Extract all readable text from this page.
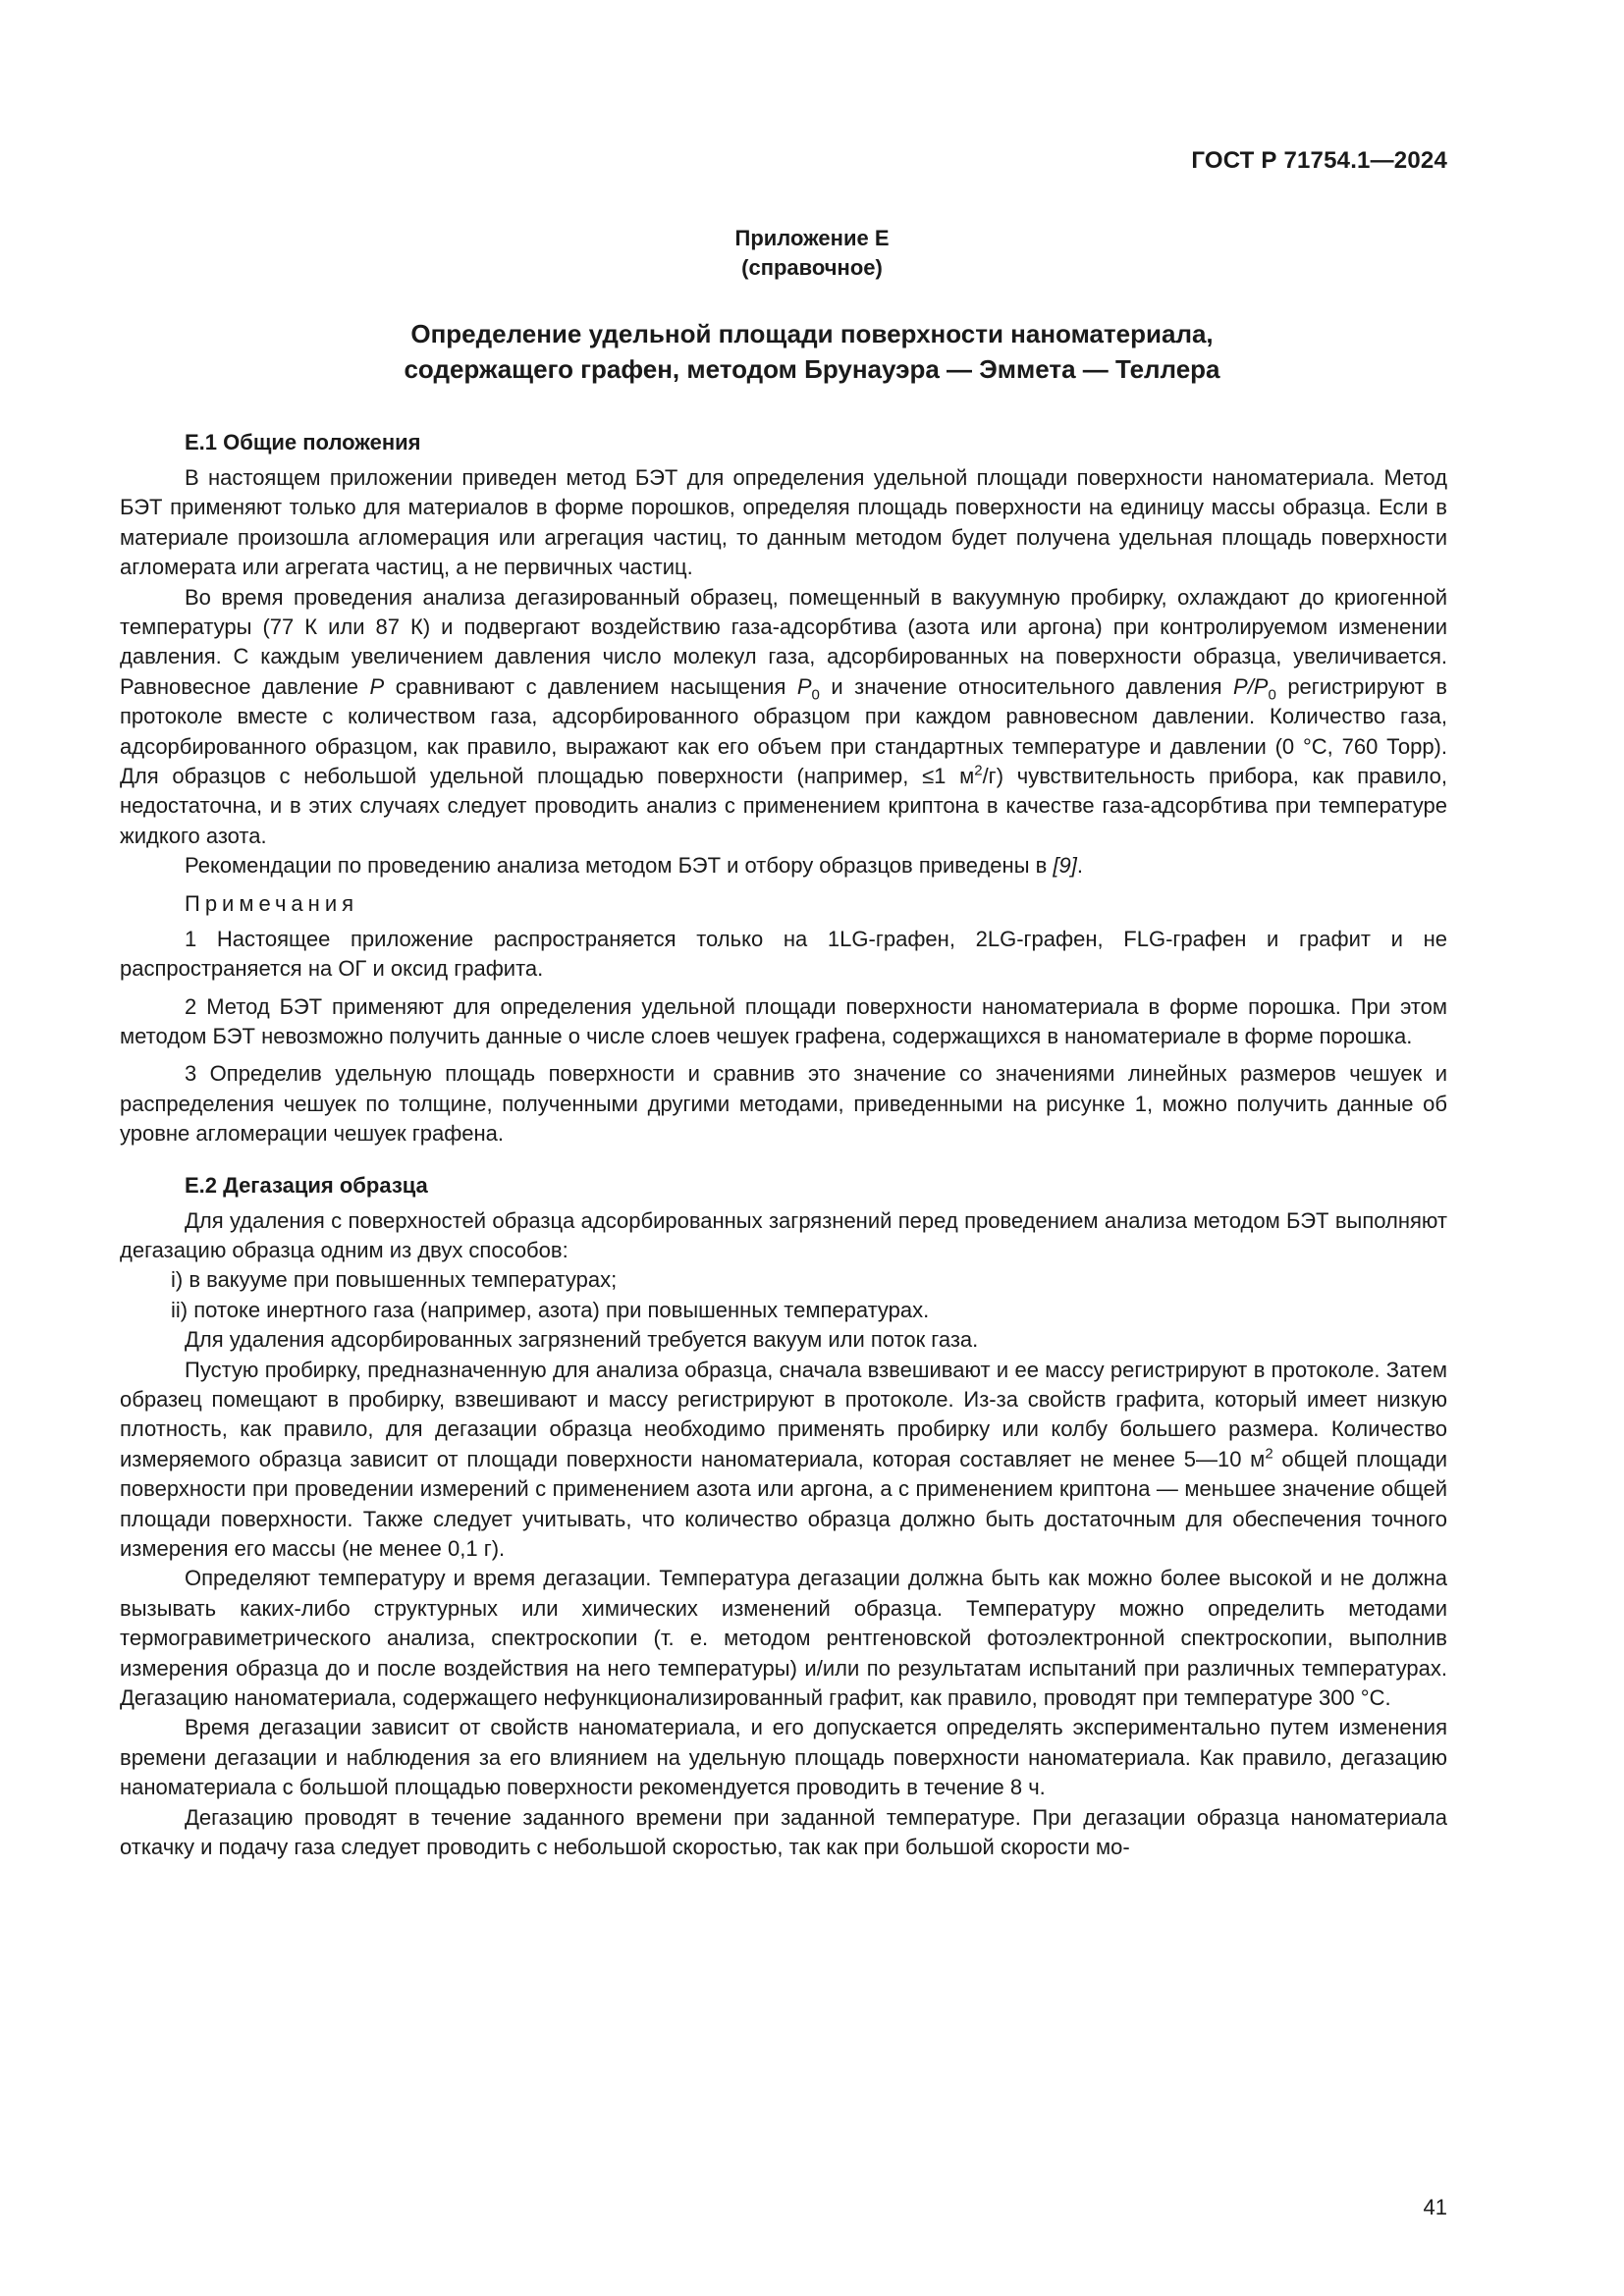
ГОСТ Р 71754.1—2024
Приложение Е
(справочное)
Определение удельной площади поверхности наноматериала,
содержащего графен, методом Брунауэра — Эммета — Теллера
Е.1 Общие положения

В настоящем приложении приведен метод БЭТ для определения удельной площади поверхности наноматериала. Метод БЭТ применяют только для материалов в форме порошков, определяя площадь поверхности на единицу массы образца. Если в материале произошла агломерация или агрегация частиц, то данным методом будет получена удельная площадь поверхности агломерата или агрегата частиц, а не первичных частиц.

Во время проведения анализа дегазированный образец, помещенный в вакуумную пробирку, охлаждают до криогенной температуры (77 К или 87 К) и подвергают воздействию газа-адсорбтива (азота или аргона) при контролируемом изменении давления. С каждым увеличением давления число молекул газа, адсорбированных на поверхности образца, увеличивается. Равновесное давление P сравнивают с давлением насыщения $P_0$ и значение относительного давления $P/P_0$ регистрируют в протоколе вместе с количеством газа, адсорбированного образцом при каждом равновесном давлении. Количество газа, адсорбированного образцом, как правило, выражают как его объем при стандартных температуре и давлении (0 °С, 760 Торр). Для образцов с небольшой удельной площадью поверхности (например, ≤1 $м^2/г$) чувствительность прибора, как правило, недостаточна, и в этих случаях следует проводить анализ с применением криптона в качестве газа-адсорбтива при температуре жидкого азота.

Рекомендации по проведению анализа методом БЭТ и отбору образцов приведены в [9].

Примечания

1 Настоящее приложение распространяется только на 1LG-графен, 2LG-графен, FLG-графен и графит и не распространяется на ОГ и оксид графита.

2 Метод БЭТ применяют для определения удельной площади поверхности наноматериала в форме порошка. При этом методом БЭТ невозможно получить данные о числе слоев чешуек графена, содержащихся в наноматериале в форме порошка.

3 Определив удельную площадь поверхности и сравнив это значение со значениями линейных размеров чешуек и распределения чешуек по толщине, полученными другими методами, приведенными на рисунке 1, можно получить данные об уровне агломерации чешуек графена.

Е.2 Дегазация образца

Для удаления с поверхностей образца адсорбированных загрязнений перед проведением анализа методом БЭТ выполняют дегазацию образца одним из двух способов:

i) в вакууме при повышенных температурах;

ii) потоке инертного газа (например, азота) при повышенных температурах.

Для удаления адсорбированных загрязнений требуется вакуум или поток газа.

Пустую пробирку, предназначенную для анализа образца, сначала взвешивают и ее массу регистрируют в протоколе. Затем образец помещают в пробирку, взвешивают и массу регистрируют в протоколе. Из-за свойств графита, который имеет низкую плотность, как правило, для дегазации образца необходимо применять пробирку или колбу большего размера. Количество измеряемого образца зависит от площади поверхности наноматериала, которая составляет не менее 5—10 $м^2$ общей площади поверхности при проведении измерений с применением азота или аргона, а с применением криптона — меньшее значение общей площади поверхности. Также следует учитывать, что количество образца должно быть достаточным для обеспечения точного измерения его массы (не менее 0,1 г).

Определяют температуру и время дегазации. Температура дегазации должна быть как можно более высокой и не должна вызывать каких-либо структурных или химических изменений образца. Температуру можно определить методами термогравиметрического анализа, спектроскопии (т. е. методом рентгеновской фотоэлектронной спектроскопии, выполнив измерения образца до и после воздействия на него температуры) и/или по результатам испытаний при различных температурах. Дегазацию наноматериала, содержащего нефункционализированный графит, как правило, проводят при температуре 300 °С.

Время дегазации зависит от свойств наноматериала, и его допускается определять экспериментально путем изменения времени дегазации и наблюдения за его влиянием на удельную площадь поверхности наноматериала. Как правило, дегазацию наноматериала с большой площадью поверхности рекомендуется проводить в течение 8 ч.

Дегазацию проводят в течение заданного времени при заданной температуре. При дегазации образца наноматериала откачку и подачу газа следует проводить с небольшой скоростью, так как при большой скорости мо-

41
